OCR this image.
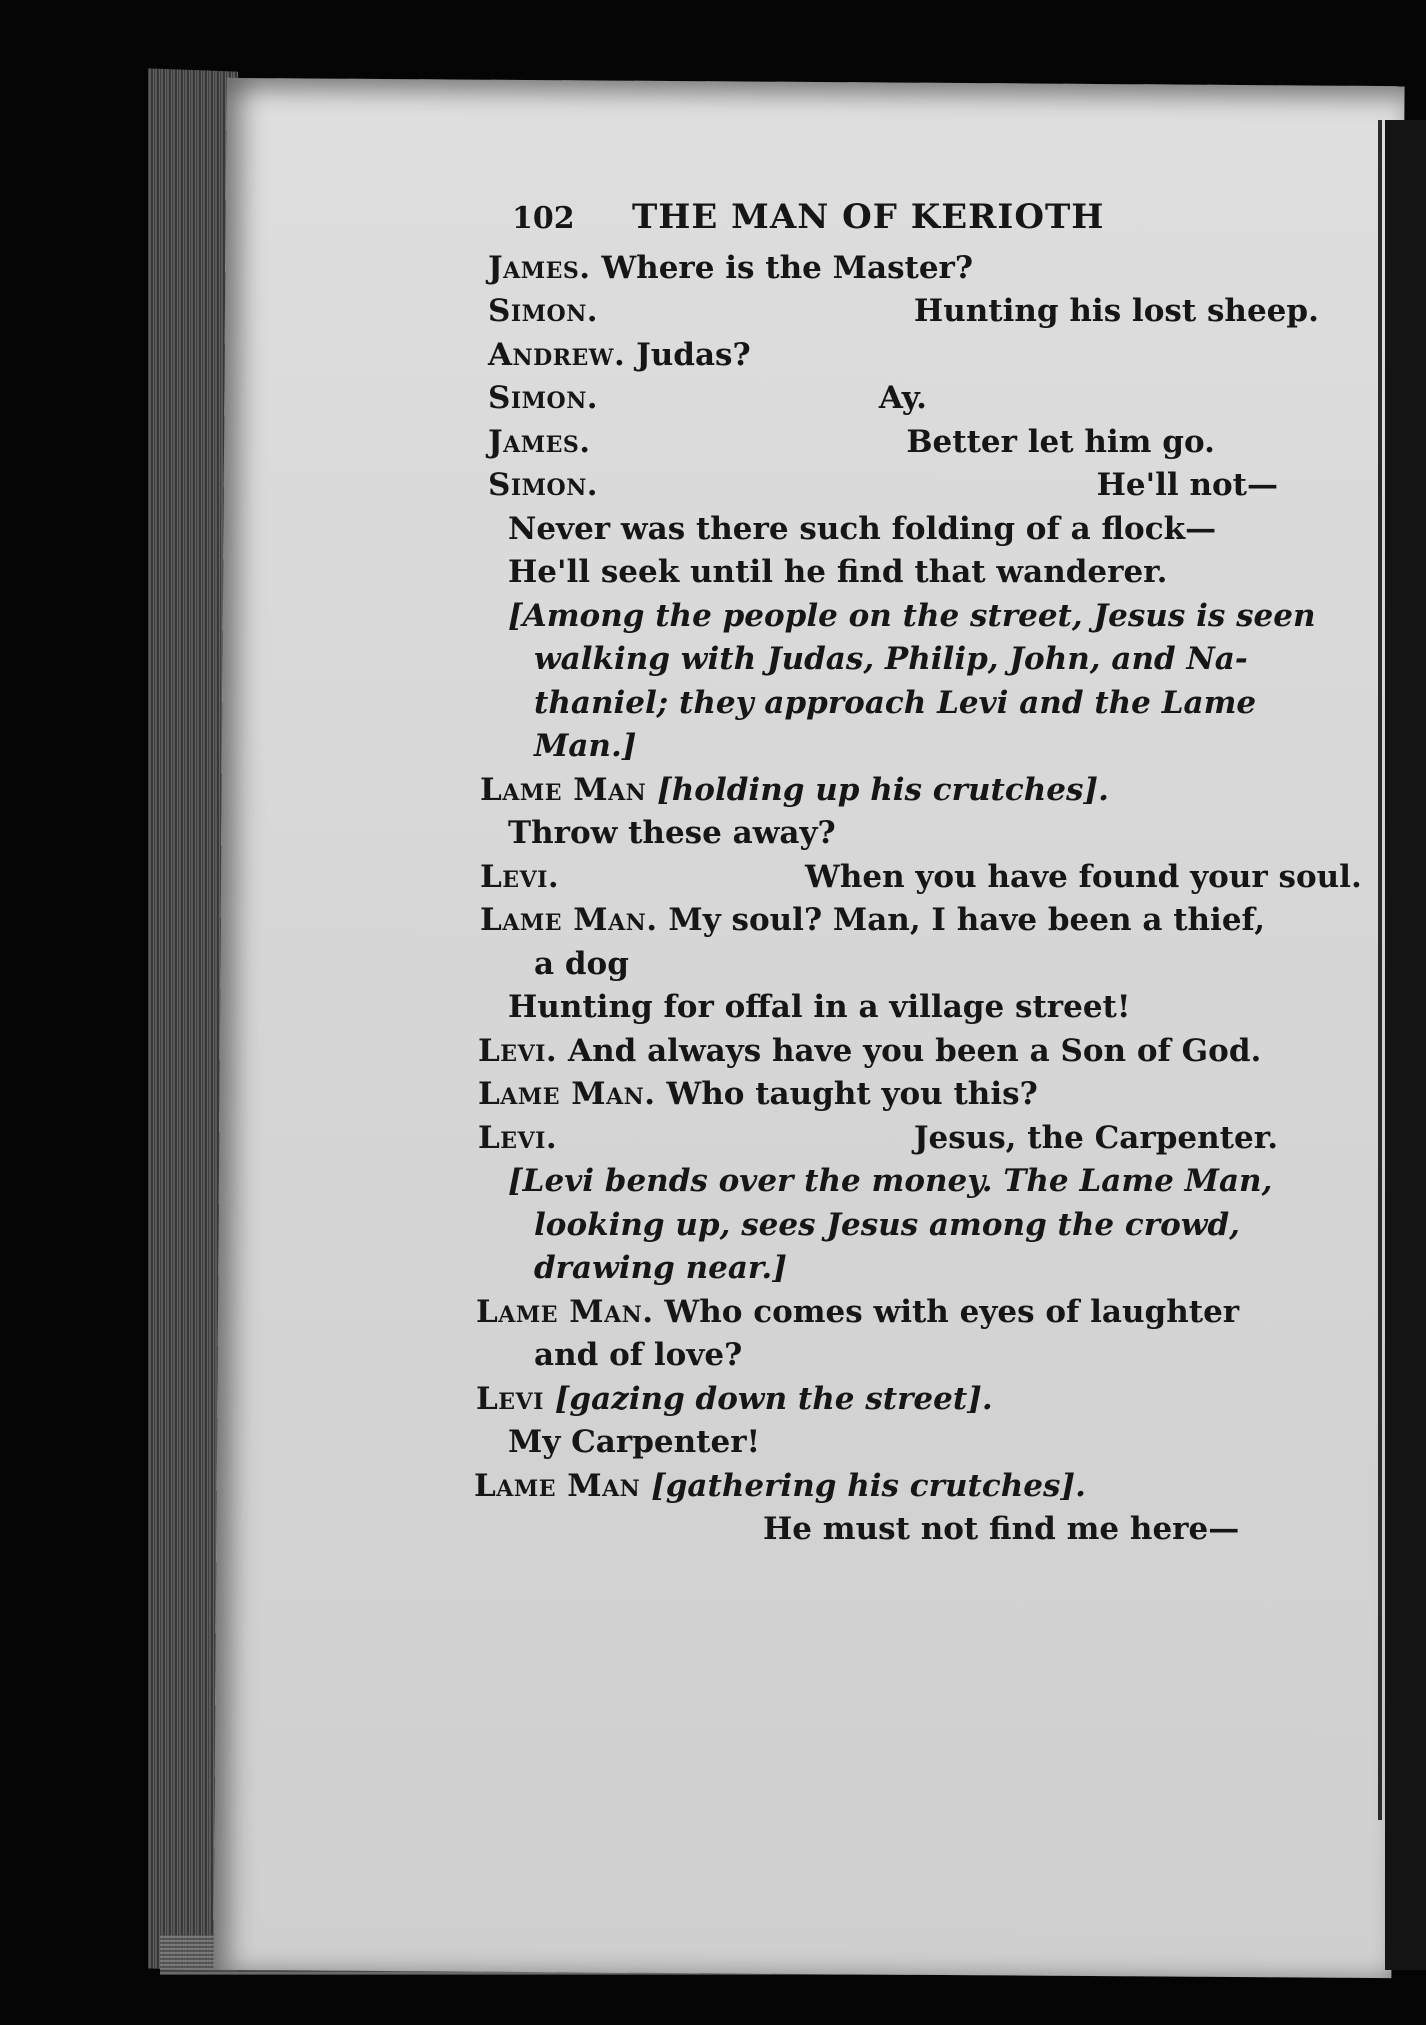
102	THE MAN OF KERIOTH
James. Where is the Master?
Simon.	Hunting his lost sheep.
Andrew. Judas?
Simon.	Ay.
James.	Better let him go.
Simon.	He'll not—
Never was there such folding of a flock—
He'll seek until he find that wanderer.
[Among the people on the street, Jesus is seen
walking with Judas, Philip, John, and Na-
thaniel; they approach Levi and the Lame
Man.]
Lame Man [holding up his crutches].
Throw these away?
Levi.	When you have found your soul.
Lame Man. My soul? Man, I have been a thief,
a dog
Hunting for offal in a village street!
Levi. And always have you been a Son of God.
Lame Man. Who taught you this?
Levi.	Jesus, the Carpenter.
[Levi bends over the money. The Lame Man,
looking up, sees Jesus among the crowd,
drawing near.]
Lame Man. Who comes with eyes of laughter
and of love?
Levi [gazing down the street].
My Carpenter!
Lame Man [gathering his crutches].
He must not find me here—
